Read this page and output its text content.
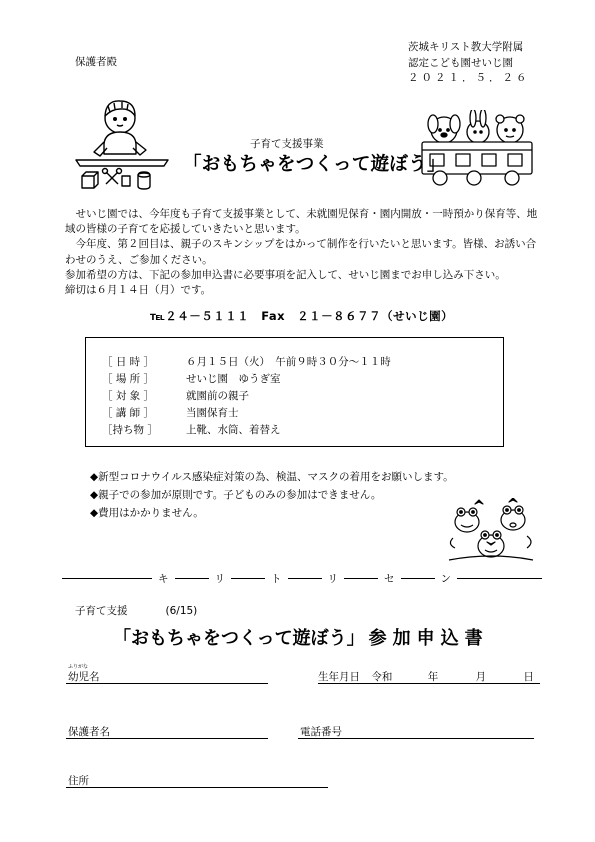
保護者殿
茨城キリスト教大学附属
認定こども園せいじ園
２０２１．５．２６
子育て支援事業
「おもちゃをつくって遊ぼう」

　せいじ園では、今年度も子育て支援事業として、未就園児保育・園内開放・一時預かり保育等、地域の皆様の子育てを応援していきたいと思います。

　今年度、第２回目は、親子のスキンシップをはかって制作を行いたいと思います。皆様、お誘い合わせのうえ、ご参加ください。

参加希望の方は、下記の参加申込書に必要事項を記入して、せいじ園までお申し込み下さい。

締切は６月１４日（月）です。

℡２４－５１１１　Fax　２１－８６７７（せいじ園）
［ 日 時 ］	６月１５日（火）　午前９時３０分～１１時
［ 場 所 ］	せいじ園　ゆうぎ室
［ 対 象 ］	就園前の親子
［ 講 師 ］	当園保育士
［持ち物 ］	上靴、水筒、着替え
◆新型コロナウイルス感染症対策の為、検温、マスクの着用をお願いします。
◆親子での参加が原則です。子どものみの参加はできません。
◆費用はかかりません。
キ	リ	ト	リ	セ	ン
子育て支援	(6/15)
「おもちゃをつくって遊ぼう」 参加申込書
ふりがな
幼児名	生年月日 令和	年	月	日
保護者名	電話番号
住所
